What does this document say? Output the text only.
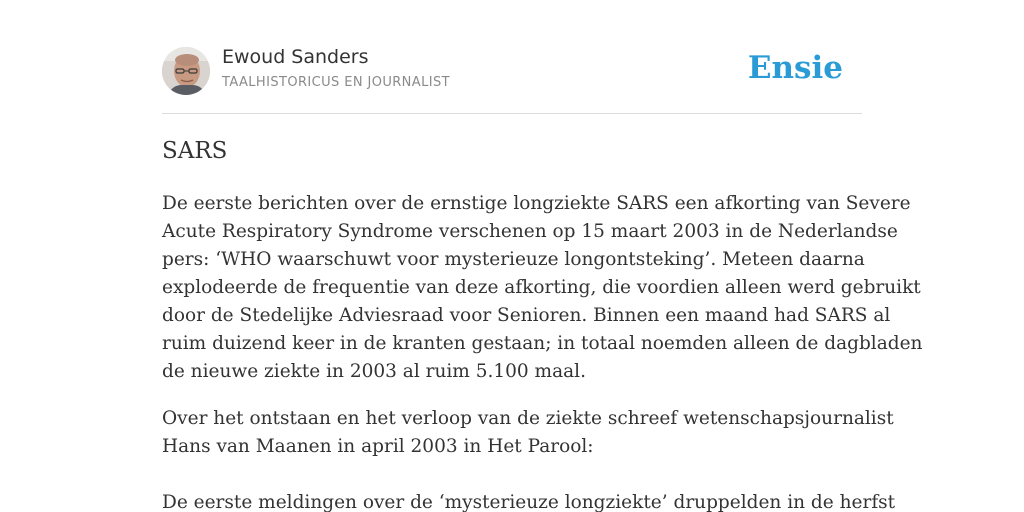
Ewoud Sanders
TAALHISTORICUS EN JOURNALIST	Ensie
SARS
De eerste berichten over de ernstige longziekte SARS een afkorting van Severe
Acute Respiratory Syndrome verschenen op 15 maart 2003 in de Nederlandse
pers: ‘WHO waarschuwt voor mysterieuze longontsteking’. Meteen daarna
explodeerde de frequentie van deze afkorting, die voordien alleen werd gebruikt
door de Stedelijke Adviesraad voor Senioren. Binnen een maand had SARS al
ruim duizend keer in de kranten gestaan; in totaal noemden alleen de dagbladen
de nieuwe ziekte in 2003 al ruim 5.100 maal.
Over het ontstaan en het verloop van de ziekte schreef wetenschapsjournalist
Hans van Maanen in april 2003 in Het Parool:
De eerste meldingen over de ‘mysterieuze longziekte’ druppelden in de herfst
